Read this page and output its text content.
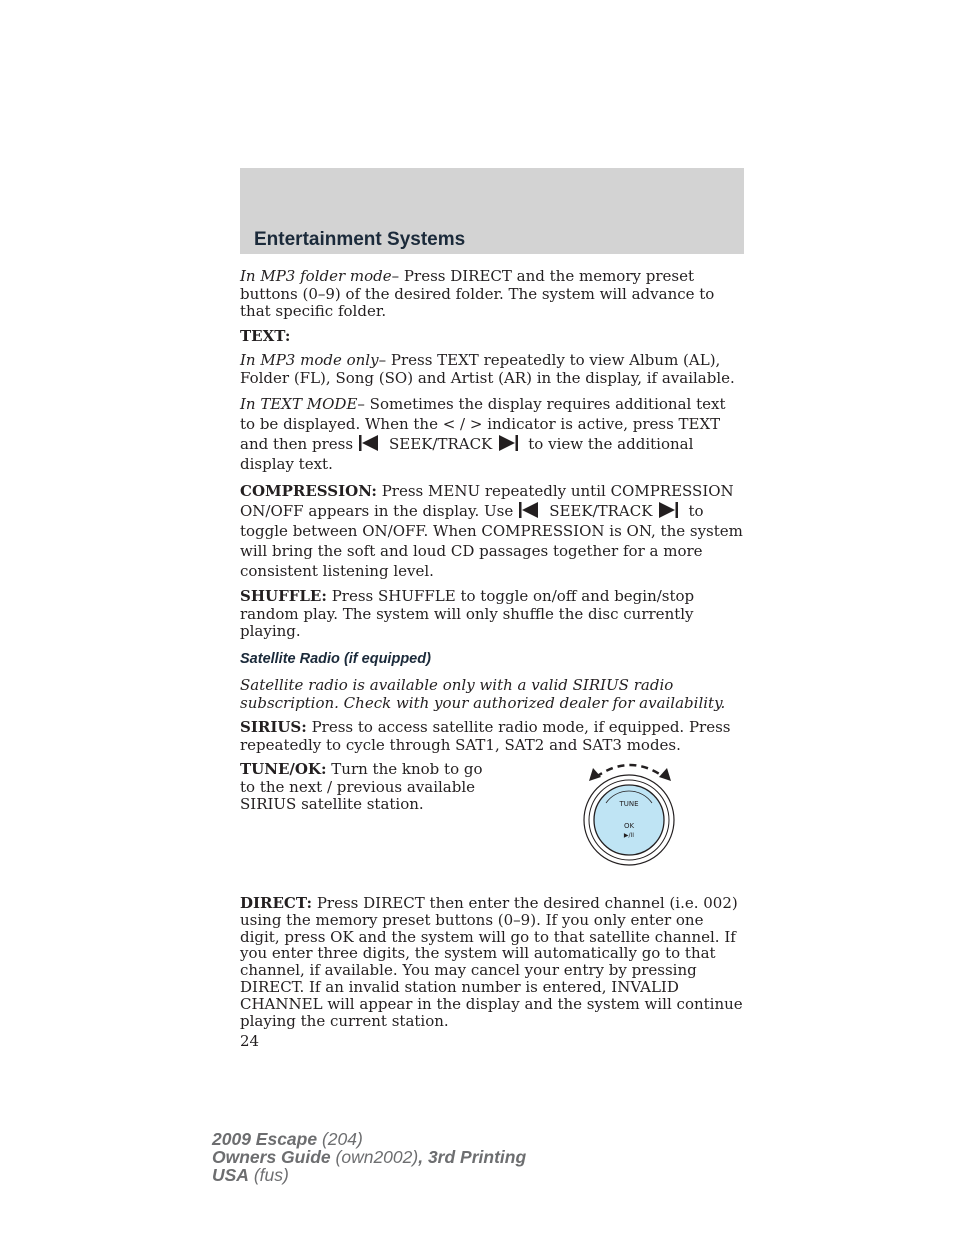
Entertainment Systems

In MP3 folder mode– Press DIRECT and the memory preset buttons (0–9) of the desired folder. The system will advance to that specific folder.

TEXT:

In MP3 mode only– Press TEXT repeatedly to view Album (AL), Folder (FL), Song (SO) and Artist (AR) in the display, if available.

In TEXT MODE– Sometimes the display requires additional text to be displayed. When the < / > indicator is active, press TEXT and then press SEEK/TRACK to view the additional display text.

COMPRESSION: Press MENU repeatedly until COMPRESSION ON/OFF appears in the display. Use SEEK/TRACK to toggle between ON/OFF. When COMPRESSION is ON, the system will bring the soft and loud CD passages together for a more consistent listening level.

SHUFFLE: Press SHUFFLE to toggle on/off and begin/stop random play. The system will only shuffle the disc currently playing.

Satellite Radio (if equipped)

Satellite radio is available only with a valid SIRIUS radio subscription. Check with your authorized dealer for availability.

SIRIUS: Press to access satellite radio mode, if equipped. Press repeatedly to cycle through SAT1, SAT2 and SAT3 modes.

TUNE/OK: Turn the knob to go to the next / previous available SIRIUS satellite station.	TUNE
OK
▶/II

DIRECT: Press DIRECT then enter the desired channel (i.e. 002) using the memory preset buttons (0–9). If you only enter one digit, press OK and the system will go to that satellite channel. If you enter three digits, the system will automatically go to that channel, if available. You may cancel your entry by pressing DIRECT. If an invalid station number is entered, INVALID CHANNEL will appear in the display and the system will continue playing the current station.

24
2009 Escape (204)
Owners Guide (own2002), 3rd Printing
USA (fus)
